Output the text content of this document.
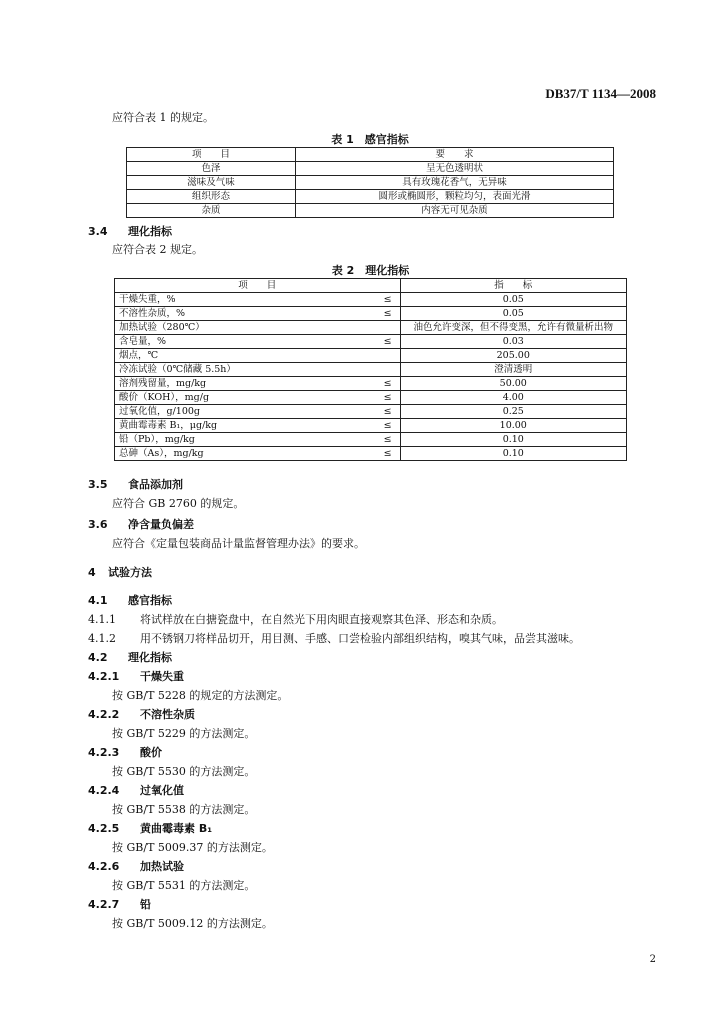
DB37/T 1134—2008
应符合表 1 的规定。
表 1　感官指标
项　　目	要　　求
色泽	呈无色透明状
滋味及气味	具有玫瑰花香气，无异味
组织形态	圆形或椭圆形，颗粒均匀，表面光滑
杂质	内容无可见杂质
3.4 理化指标
应符合表 2 规定。
表 2　理化指标
项　　目		指　　标
干燥失重，%	≤	0.05
不溶性杂质，%	≤	0.05
加热试验（280℃）		油色允许变深，但不得变黑，允许有微量析出物
含皂量，%	≤	0.03
烟点，℃		205.00
冷冻试验（0℃储藏 5.5h）		澄清透明
溶剂残留量，mg/kg	≤	50.00
酸价（KOH），mg/g	≤	4.00
过氧化值，g/100g	≤	0.25
黄曲霉毒素 B₁，μg/kg	≤	10.00
铅（Pb），mg/kg	≤	0.10
总砷（As），mg/kg	≤	0.10
3.5 食品添加剂
应符合 GB 2760 的规定。
3.6 净含量负偏差
应符合《定量包装商品计量监督管理办法》的要求。
4 试验方法
4.1 感官指标
4.1.1 将试样放在白搪瓷盘中，在自然光下用肉眼直接观察其色泽、形态和杂质。
4.1.2 用不锈钢刀将样品切开，用目测、手感、口尝检验内部组织结构，嗅其气味，品尝其滋味。
4.2 理化指标
4.2.1 干燥失重
按 GB/T 5228 的规定的方法测定。
4.2.2 不溶性杂质
按 GB/T 5229 的方法测定。
4.2.3 酸价
按 GB/T 5530 的方法测定。
4.2.4 过氧化值
按 GB/T 5538 的方法测定。
4.2.5 黄曲霉毒素 B₁
按 GB/T 5009.37 的方法测定。
4.2.6 加热试验
按 GB/T 5531 的方法测定。
4.2.7 铅
按 GB/T 5009.12 的方法测定。
2
